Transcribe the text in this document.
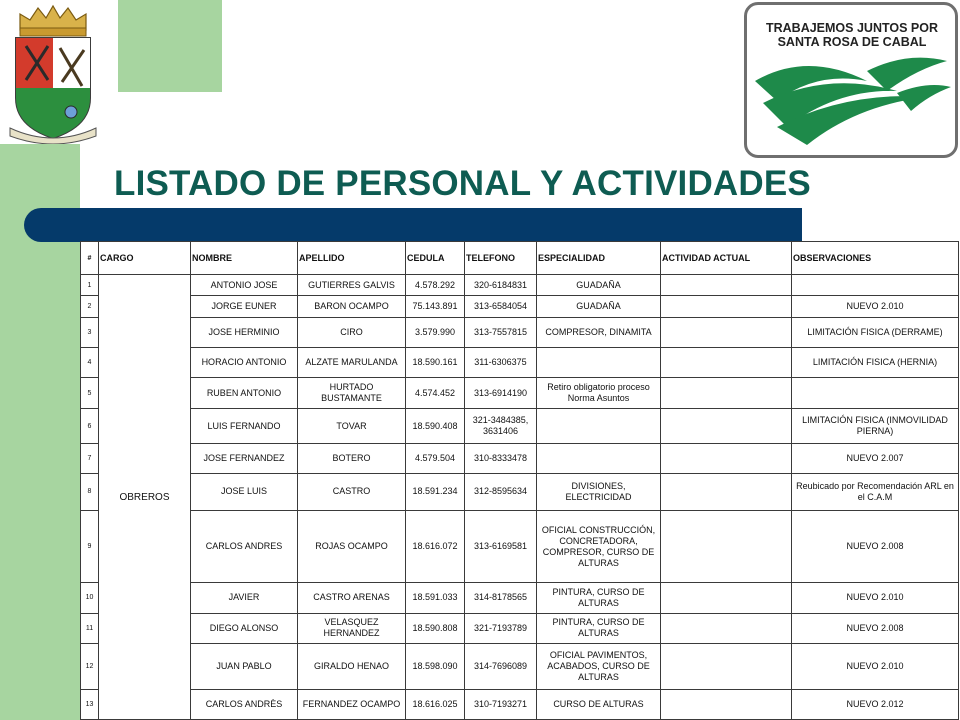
TRABAJEMOS JUNTOS POR
SANTA ROSA DE CABAL
LISTADO DE PERSONAL Y ACTIVIDADES
#	CARGO	NOMBRE	APELLIDO	CEDULA	TELEFONO	ESPECIALIDAD	ACTIVIDAD ACTUAL	OBSERVACIONES
1	OBREROS	ANTONIO JOSE	GUTIERRES GALVIS	4.578.292	320-6184831	GUADAÑA		
2		JORGE EUNER	BARON OCAMPO	75.143.891	313-6584054	GUADAÑA		NUEVO 2.010
3		JOSE HERMINIO	CIRO	3.579.990	313-7557815	COMPRESOR, DINAMITA		LIMITACIÓN FISICA (DERRAME)
4		HORACIO ANTONIO	ALZATE MARULANDA	18.590.161	311-6306375			LIMITACIÓN FISICA (HERNIA)
5		RUBEN ANTONIO	HURTADO BUSTAMANTE	4.574.452	313-6914190	Retiro obligatorio proceso Norma Asuntos		
6		LUIS FERNANDO	TOVAR	18.590.408	321-3484385, 3631406			LIMITACIÓN FISICA (INMOVILIDAD PIERNA)
7		JOSE FERNANDEZ	BOTERO	4.579.504	310-8333478			NUEVO 2.007
8		JOSE LUIS	CASTRO	18.591.234	312-8595634	DIVISIONES, ELECTRICIDAD		Reubicado por Recomendación ARL en el C.A.M
9		CARLOS ANDRES	ROJAS OCAMPO	18.616.072	313-6169581	OFICIAL CONSTRUCCIÓN, CONCRETADORA, COMPRESOR, CURSO DE ALTURAS		NUEVO 2.008
10		JAVIER	CASTRO ARENAS	18.591.033	314-8178565	PINTURA, CURSO DE ALTURAS		NUEVO 2.010
11		DIEGO ALONSO	VELASQUEZ HERNANDEZ	18.590.808	321-7193789	PINTURA, CURSO DE ALTURAS		NUEVO 2.008
12		JUAN PABLO	GIRALDO HENAO	18.598.090	314-7696089	OFICIAL PAVIMENTOS, ACABADOS, CURSO DE ALTURAS		NUEVO 2.010
13		CARLOS ANDRÈS	FERNANDEZ OCAMPO	18.616.025	310-7193271	CURSO DE ALTURAS		NUEVO 2.012
